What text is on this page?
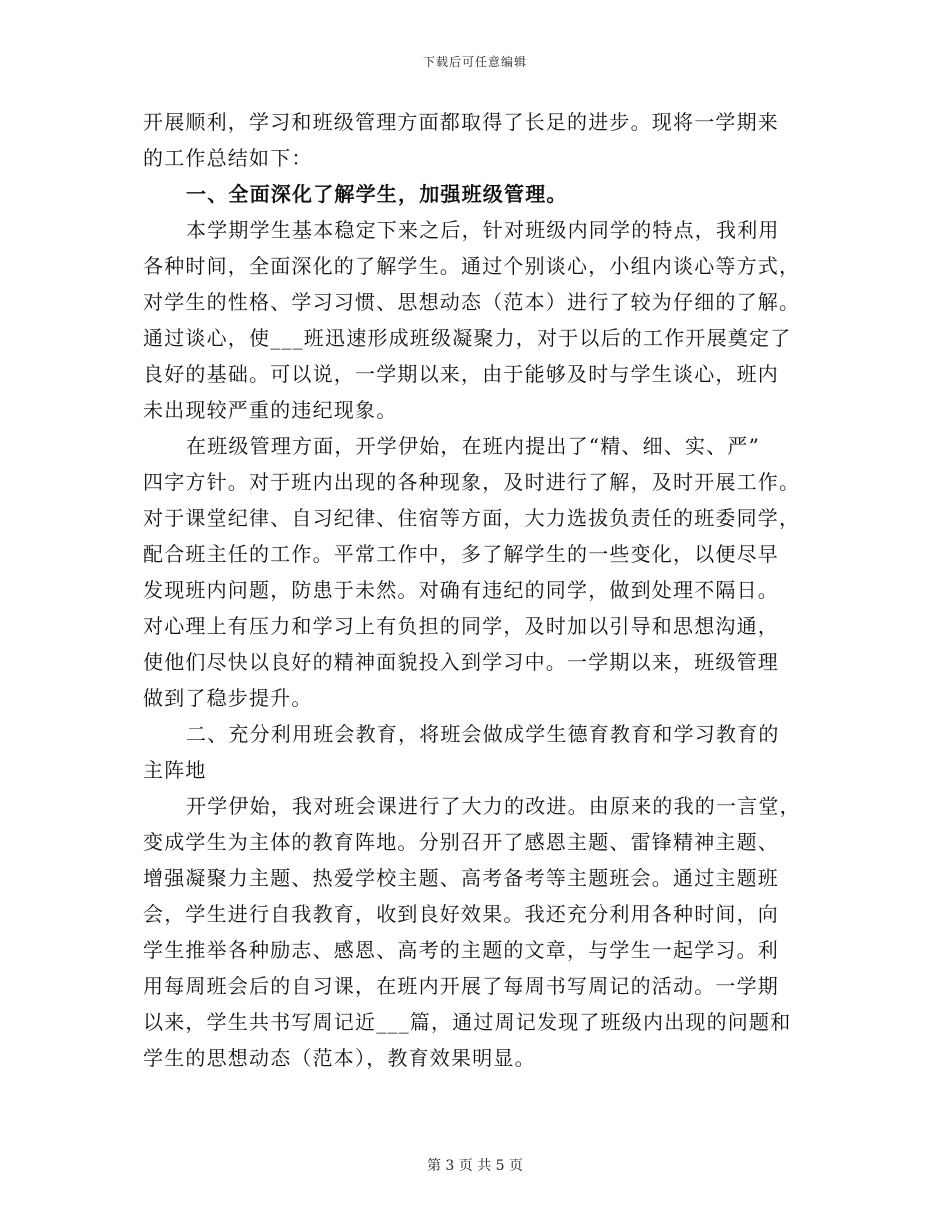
下载后可任意编辑
开展顺利，学习和班级管理方面都取得了长足的进步。现将一学期来
的工作总结如下：
一、全面深化了解学生，加强班级管理。
本学期学生基本稳定下来之后，针对班级内同学的特点，我利用
各种时间，全面深化的了解学生。通过个别谈心，小组内谈心等方式，
对学生的性格、学习习惯、思想动态（范本）进行了较为仔细的了解。
通过谈心，使___班迅速形成班级凝聚力，对于以后的工作开展奠定了
良好的基础。可以说，一学期以来，由于能够及时与学生谈心，班内
未出现较严重的违纪现象。
在班级管理方面，开学伊始，在班内提出了“精、细、实、严”
四字方针。对于班内出现的各种现象，及时进行了解，及时开展工作。
对于课堂纪律、自习纪律、住宿等方面，大力选拔负责任的班委同学，
配合班主任的工作。平常工作中，多了解学生的一些变化，以便尽早
发现班内问题，防患于未然。对确有违纪的同学，做到处理不隔日。
对心理上有压力和学习上有负担的同学，及时加以引导和思想沟通，
使他们尽快以良好的精神面貌投入到学习中。一学期以来，班级管理
做到了稳步提升。
二、充分利用班会教育，将班会做成学生德育教育和学习教育的
主阵地
开学伊始，我对班会课进行了大力的改进。由原来的我的一言堂，
变成学生为主体的教育阵地。分别召开了感恩主题、雷锋精神主题、
增强凝聚力主题、热爱学校主题、高考备考等主题班会。通过主题班
会，学生进行自我教育，收到良好效果。我还充分利用各种时间，向
学生推举各种励志、感恩、高考的主题的文章，与学生一起学习。利
用每周班会后的自习课，在班内开展了每周书写周记的活动。一学期
以来，学生共书写周记近___篇，通过周记发现了班级内出现的问题和
学生的思想动态（范本），教育效果明显。
第 3 页 共 5 页
